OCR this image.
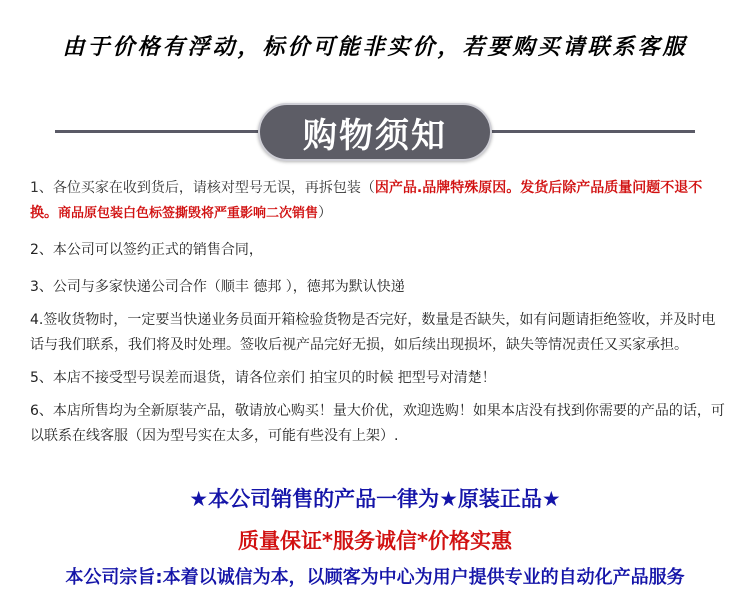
由于价格有浮动，标价可能非实价，若要购买请联系客服
购物须知
1、各位买家在收到货后，请核对型号无误，再拆包装（因产品.品牌特殊原因。发货后除产品质量问题不退不换。商品原包装白色标签撕毁将严重影响二次销售）
2、本公司可以签约正式的销售合同，
3、公司与多家快递公司合作（顺丰 德邦 ），德邦为默认快递
4.签收货物时，一定要当快递业务员面开箱检验货物是否完好，数量是否缺失，如有问题请拒绝签收，并及时电话与我们联系，我们将及时处理。签收后视产品完好无损，如后续出现损坏，缺失等情况责任又买家承担。
5、本店不接受型号误差而退货，请各位亲们 拍宝贝的时候 把型号对清楚！
6、本店所售均为全新原装产品，敬请放心购买！量大价优，欢迎选购！如果本店没有找到你需要的产品的话，可以联系在线客服（因为型号实在太多，可能有些没有上架）.
★本公司销售的产品一律为★原装正品★
质量保证*服务诚信*价格实惠
本公司宗旨:本着以诚信为本，以顾客为中心为用户提供专业的自动化产品服务
